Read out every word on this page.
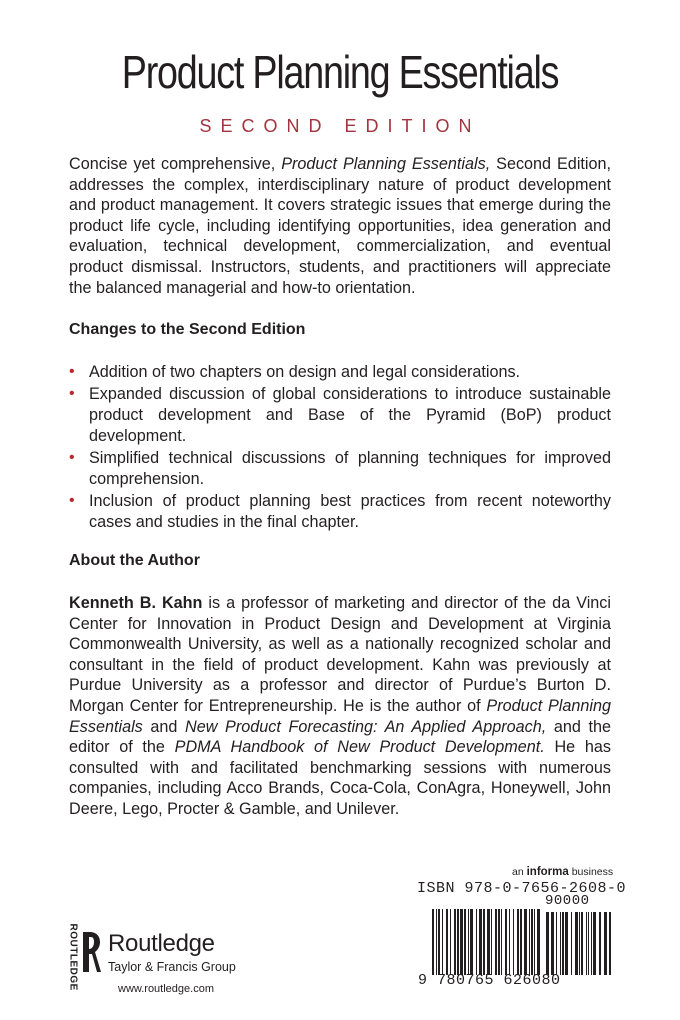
Product Planning Essentials
SECOND EDITION

Concise yet comprehensive, Product Planning Essentials, Second Edition, addresses the complex, interdisciplinary nature of product development and product management. It covers strategic issues that emerge during the product life cycle, including identifying opportunities, idea generation and evaluation, technical development, commercialization, and eventual product dismissal. Instructors, students, and practitioners will appreciate the balanced managerial and how-to orientation.

Changes to the Second Edition
• Addition of two chapters on design and legal considerations.
• Expanded discussion of global considerations to introduce sustainable product development and Base of the Pyramid (BoP) product development.
• Simplified technical discussions of planning techniques for improved comprehension.
• Inclusion of product planning best practices from recent noteworthy cases and studies in the final chapter.
About the Author

Kenneth B. Kahn is a professor of marketing and director of the da Vinci Center for Innovation in Product Design and Development at Virginia Commonwealth University, as well as a nationally recognized scholar and consultant in the field of product development. Kahn was previously at Purdue University as a professor and director of Purdue’s Burton D. Morgan Center for Entrepreneurship. He is the author of Product Planning Essentials and New Product Forecasting: An Applied Approach, and the editor of the PDMA Handbook of New Product Development. He has consulted with and facilitated benchmarking sessions with numerous companies, including Acco Brands, Coca-Cola, ConAgra, Honeywell, John Deere, Lego, Procter & Gamble, and Unilever.

an informa business
ISBN 978-0-7656-2608-0
90000
9 780765 626080
ROUTLEDGE Routledge
Taylor & Francis Group
www.routledge.com
